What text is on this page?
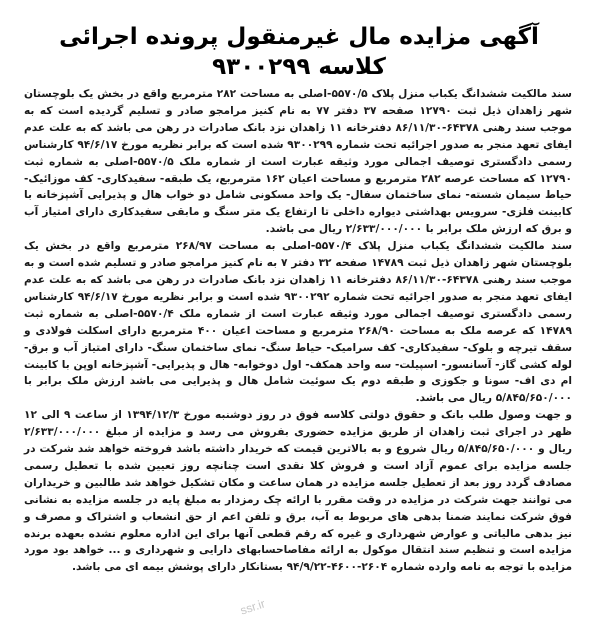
آگهی مزایده مال غیرمنقول پرونده اجرائی
کلاسه ۹۳۰۰۲۹۹

سند مالکیت ششدانگ یکباب منزل پلاک ۵۵۷۰/۵-اصلی به مساحت ۲۸۲ مترمربع واقع در بخش یک بلوچستان شهر زاهدان ذیل ثبت ۱۲۷۹۰ صفحه ۳۷ دفتر ۷۷ به نام کنیز مرامجو صادر و تسلیم گردیده است که به موجب سند رهنی ۶۴۳۷۸-۸۶/۱۱/۳۰ دفترخانه ۱۱ زاهدان نزد بانک صادرات در رهن می باشد که به علت عدم ایفای تعهد منجر به صدور اجرائیه تحت شماره ۹۳۰۰۲۹۹ شده است که برابر نظریه مورخ ۹۴/۶/۱۷ کارشناس رسمی دادگستری توصیف اجمالی مورد وثیقه عبارت است از شماره ملک ۵۵۷۰/۵-اصلی به شماره ثبت ۱۲۷۹۰ که مساحت عرصه ۲۸۲ مترمربع و مساحت اعیان ۱۶۲ مترمربع، یک طبقه- سفیدکاری- کف موزائیک- حیاط سیمان شسته- نمای ساختمان سفال- یک واحد مسکونی شامل دو خواب هال و پذیرایی آشپزخانه با کابینت فلزی- سرویس بهداشتی دیواره داخلی تا ارتفاع یک متر سنگ و مابقی سفیدکاری دارای امتیاز آب و برق که ارزش ملک برابر با ۲/۶۳۳/۰۰۰/۰۰۰ ریال می باشد.

سند مالکیت ششدانگ یکباب منزل پلاک ۵۵۷۰/۴-اصلی به مساحت ۲۶۸/۹۷ مترمربع واقع در بخش یک بلوچستان شهر زاهدان ذیل ثبت ۱۴۷۸۹ صفحه ۳۲ دفتر ۷ به نام کنیز مرامجو صادر و تسلیم شده است و به موجب سند رهنی ۶۴۳۷۸-۸۶/۱۱/۳۰ دفترخانه ۱۱ زاهدان نزد بانک صادرات در رهن می باشد که به علت عدم ایفای تعهد منجر به صدور اجرائیه تحت شماره ۹۳۰۰۲۹۲ شده است و برابر نظریه مورخ ۹۴/۶/۱۷ کارشناس رسمی دادگستری توصیف اجمالی مورد وثیقه عبارت است از شماره ملک ۵۵۷۰/۴-اصلی به شماره ثبت ۱۴۷۸۹ که عرصه ملک به مساحت ۲۶۸/۹۰ مترمربع و مساحت اعیان ۴۰۰ مترمربع دارای اسکلت فولادی و سقف تیرچه و بلوک- سفیدکاری- کف سرامیک- حیاط سنگ- نمای ساختمان سنگ- دارای امتیاز آب و برق- لوله کشی گاز- آسانسور- اسپیلت- سه واحد همکف- اول دوخوابه- هال و پذیرایی- آشپزخانه اوپن با کابینت ام دی اف- سونا و جکوزی و طبقه دوم یک سوئیت شامل هال و پذیرایی می باشد ارزش ملک برابر با ۵/۸۴۵/۶۵۰/۰۰۰ ریال می باشد.

و جهت وصول طلب بانک و حقوق دولتی کلاسه فوق در روز دوشنبه مورخ ۱۳۹۴/۱۲/۳ از ساعت ۹ الی ۱۲ ظهر در اجرای ثبت زاهدان از طریق مزایده حضوری بفروش می رسد و مزایده از مبلغ ۲/۶۳۳/۰۰۰/۰۰۰ ریال و ۵/۸۴۵/۶۵۰/۰۰۰ ریال شروع و به بالاترین قیمت که خریدار داشته باشد فروخته خواهد شد شرکت در جلسه مزایده برای عموم آزاد است و فروش کلا نقدی است چنانچه روز تعیین شده با تعطیل رسمی مصادف گردد روز بعد از تعطیل جلسه مزایده در همان ساعت و مکان تشکیل خواهد شد طالبین و خریداران می توانند جهت شرکت در مزایده در وقت مقرر با ارائه چک رمزدار به مبلغ پایه در جلسه مزایده به نشانی فوق شرکت نمایند ضمنا بدهی های مربوط به آب، برق و تلفن اعم از حق انشعاب و اشتراک و مصرف و نیز بدهی مالیاتی و عوارض شهرداری و غیره که رقم قطعی آنها برای این اداره معلوم نشده بعهده برنده مزایده است و تنظیم سند انتقال موکول به ارائه مفاصاحسابهای دارایی و شهرداری و ... خواهد بود مورد مزایده با توجه به نامه وارده شماره ۲۶۰۴-۴۶۰۰-۹۴/۹/۲۲ بستانکار دارای پوشش بیمه ای می باشد.

ssr.ir
